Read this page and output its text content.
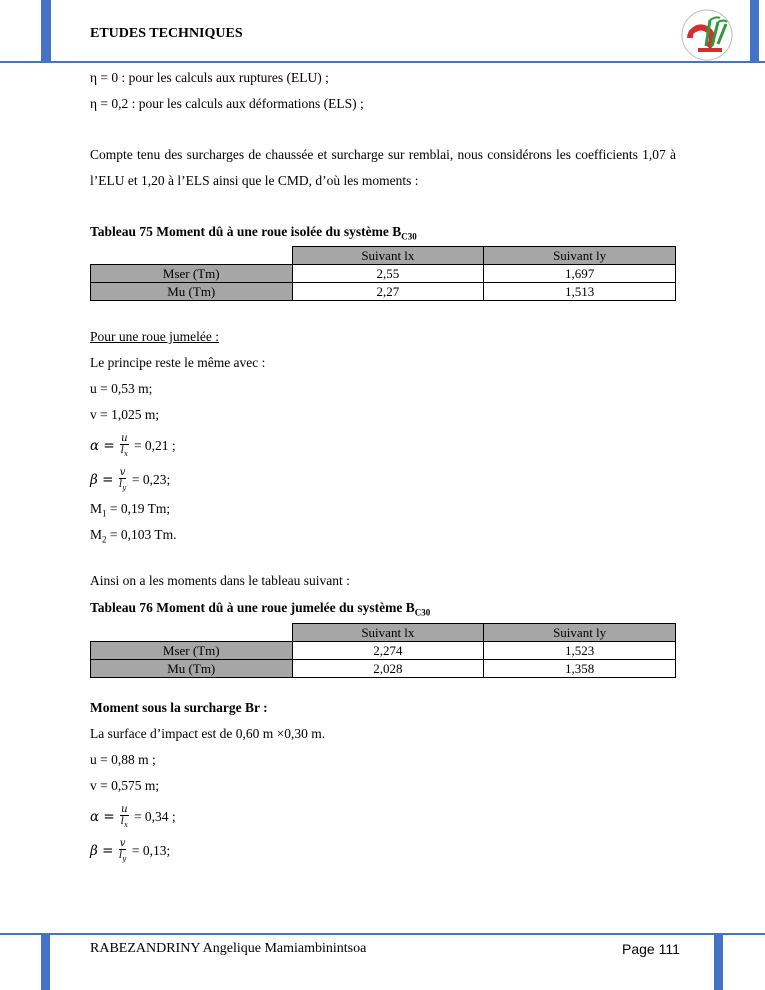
ETUDES TECHNIQUES
η = 0 : pour les calculs aux ruptures (ELU) ;
η = 0,2 : pour les calculs aux déformations (ELS) ;
Compte tenu des surcharges de chaussée et surcharge sur remblai, nous considérons les coefficients 1,07 à l’ELU et 1,20 à l’ELS ainsi que le CMD, d’où les moments :
Tableau 75 Moment dû à une roue isolée du système $B_{C30}$
	Suivant lx	Suivant ly
Mser (Tm)	2,55	1,697
Mu (Tm)	2,27	1,513
Pour une roue jumelée :
Le principe reste le même avec :
u = 0,53 m;
v = 1,025 m;
$\alpha = \frac{u}{l_x} = 0,21$ ;
$\beta = \frac{v}{l_y} = 0,23$;
$M_1 = 0,19$ Tm;
$M_2 = 0,103$ Tm.
Ainsi on a les moments dans le tableau suivant :
Tableau 76 Moment dû à une roue jumelée du système $B_{C30}$
	Suivant lx	Suivant ly
Mser (Tm)	2,274	1,523
Mu (Tm)	2,028	1,358
Moment sous la surcharge Br :
La surface d’impact est de 0,60 m ×0,30 m.
u = 0,88 m ;
v = 0,575 m;
$\alpha = \frac{u}{l_x} = 0,34$ ;
$\beta = \frac{v}{l_y} = 0,13$;
RABEZANDRINY Angelique Mamiambinintsoa	Page 111
